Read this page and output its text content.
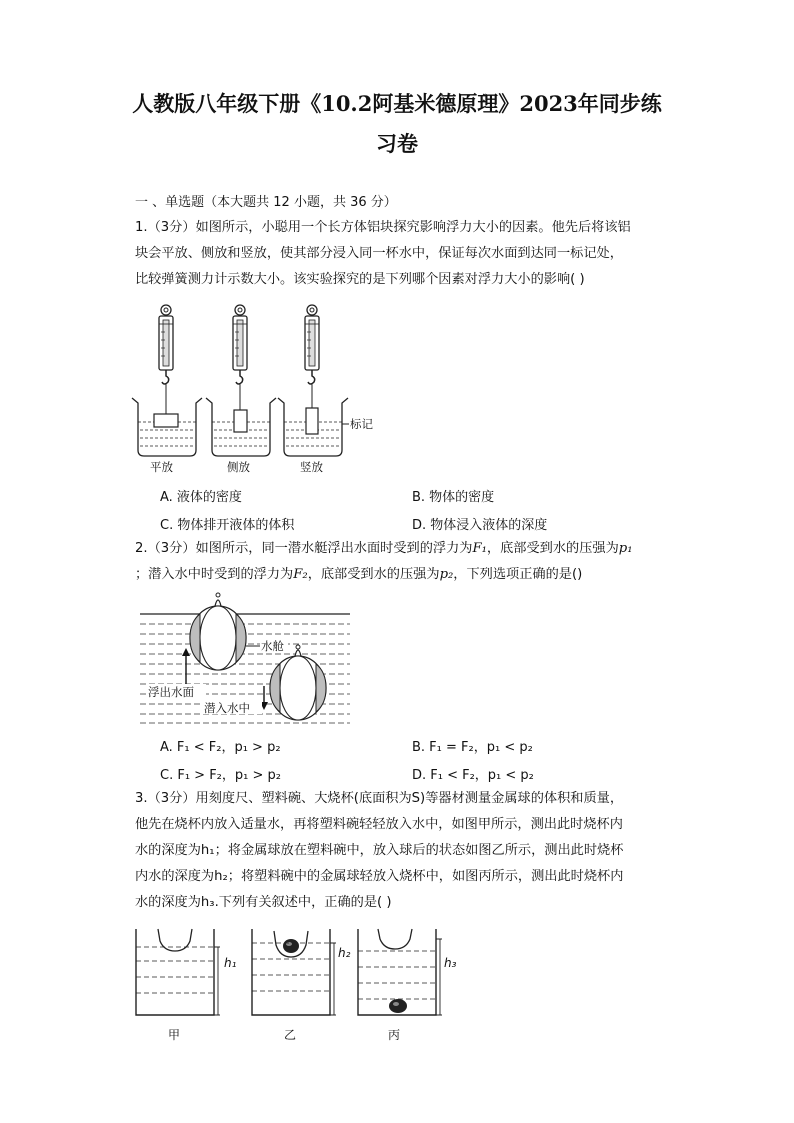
人教版八年级下册《10.2阿基米德原理》2023年同步练
习卷
一 、单选题（本大题共 12 小题，共 36 分）
1.（3分）如图所示，小聪用一个长方体铝块探究影响浮力大小的因素。他先后将该铝
块会平放、侧放和竖放，使其部分浸入同一杯水中，保证每次水面到达同一标记处，
比较弹簧测力计示数大小。该实验探究的是下列哪个因素对浮力大小的影响( )
标记
平放	侧放	竖放
A. 液体的密度	B. 物体的密度
C. 物体排开液体的体积	D. 物体浸入液体的深度
2.（3分）如图所示，同一潜水艇浮出水面时受到的浮力为F₁，底部受到水的压强为p₁
；潜入水中时受到的浮力为F₂，底部受到水的压强为p₂，下列选项正确的是()
水舱
浮出水面
潜入水中
A. F₁ < F₂，p₁ > p₂	B. F₁ = F₂，p₁ < p₂
C. F₁ > F₂，p₁ > p₂	D. F₁ < F₂，p₁ < p₂
3.（3分）用刻度尺、塑料碗、大烧杯(底面积为S)等器材测量金属球的体积和质量，
他先在烧杯内放入适量水，再将塑料碗轻轻放入水中，如图甲所示，测出此时烧杯内
水的深度为h₁；将金属球放在塑料碗中，放入球后的状态如图乙所示，测出此时烧杯
内水的深度为h₂；将塑料碗中的金属球轻放入烧杯中，如图丙所示，测出此时烧杯内
水的深度为h₃.下列有关叙述中，正确的是( )
h₁
h₂
h₃
甲	乙	丙
